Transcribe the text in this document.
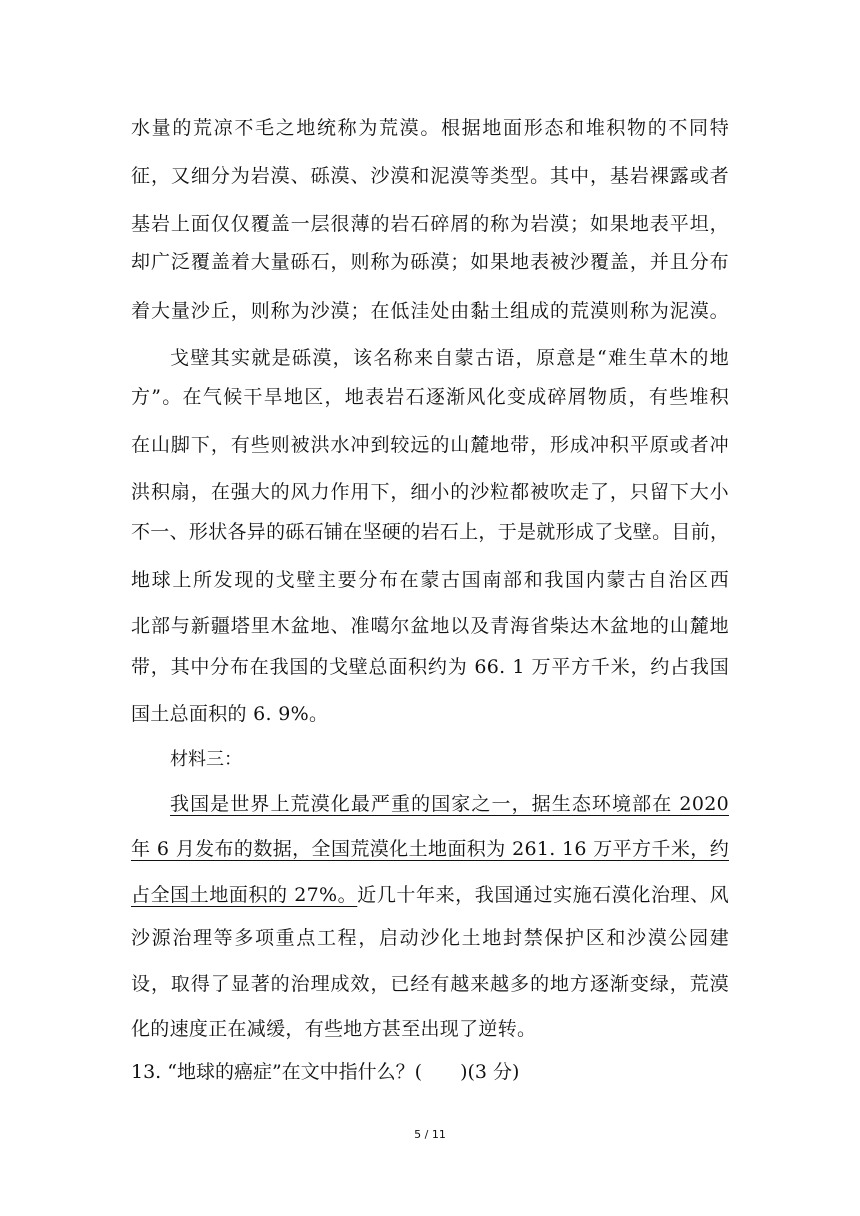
水量的荒凉不毛之地统称为荒漠。根据地面形态和堆积物的不同特
征，又细分为岩漠、砾漠、沙漠和泥漠等类型。其中，基岩裸露或者
基岩上面仅仅覆盖一层很薄的岩石碎屑的称为岩漠；如果地表平坦，
却广泛覆盖着大量砾石，则称为砾漠；如果地表被沙覆盖，并且分布
着大量沙丘，则称为沙漠；在低洼处由黏土组成的荒漠则称为泥漠。
戈壁其实就是砾漠，该名称来自蒙古语，原意是“难生草木的地
方”。在气候干旱地区，地表岩石逐渐风化变成碎屑物质，有些堆积
在山脚下，有些则被洪水冲到较远的山麓地带，形成冲积平原或者冲
洪积扇，在强大的风力作用下，细小的沙粒都被吹走了，只留下大小
不一、形状各异的砾石铺在坚硬的岩石上，于是就形成了戈壁。目前，
地球上所发现的戈壁主要分布在蒙古国南部和我国内蒙古自治区西
北部与新疆塔里木盆地、准噶尔盆地以及青海省柴达木盆地的山麓地
带，其中分布在我国的戈壁总面积约为 66. 1 万平方千米，约占我国
国土总面积的 6. 9%。
材料三：
我国是世界上荒漠化最严重的国家之一，据生态环境部在 2020
年 6 月发布的数据，全国荒漠化土地面积为 261. 16 万平方千米，约
占全国土地面积的 27%。近几十年来，我国通过实施石漠化治理、风
沙源治理等多项重点工程，启动沙化土地封禁保护区和沙漠公园建
设，取得了显著的治理成效，已经有越来越多的地方逐渐变绿，荒漠
化的速度正在减缓，有些地方甚至出现了逆转。
13. “地球的癌症”在文中指什么？(　　)(3 分)
5 / 11
